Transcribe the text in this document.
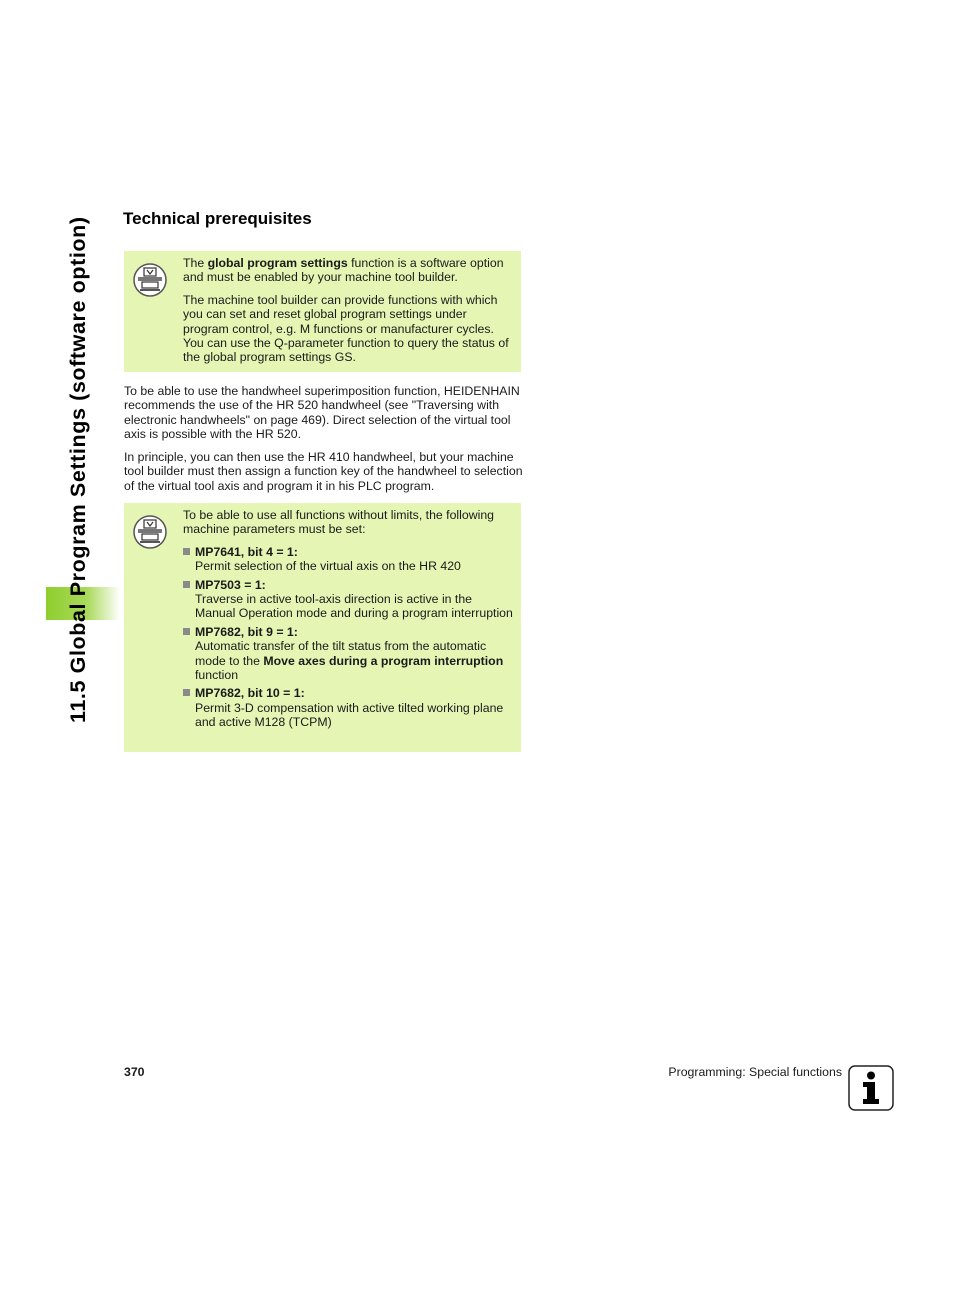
11.5 Global Program Settings (software option) Technical prerequisites

The global program settings function is a software option and must be enabled by your machine tool builder.

The machine tool builder can provide functions with which you can set and reset global program settings under program control, e.g. M functions or manufacturer cycles. You can use the Q-parameter function to query the status of the global program settings GS.

To be able to use the handwheel superimposition function, HEIDENHAIN recommends the use of the HR 520 handwheel (see "Traversing with electronic handwheels" on page 469). Direct selection of the virtual tool axis is possible with the HR 520.

In principle, you can then use the HR 410 handwheel, but your machine tool builder must then assign a function key of the handwheel to selection of the virtual tool axis and program it in his PLC program.

To be able to use all functions without limits, the following machine parameters must be set:

MP7641, bit 4 = 1:
Permit selection of the virtual axis on the HR 420
MP7503 = 1:
Traverse in active tool-axis direction is active in the Manual Operation mode and during a program interruption
MP7682, bit 9 = 1:
Automatic transfer of the tilt status from the automatic mode to the Move axes during a program interruption function
MP7682, bit 10 = 1:
Permit 3-D compensation with active tilted working plane and active M128 (TCPM)
370	Programming: Special functions
